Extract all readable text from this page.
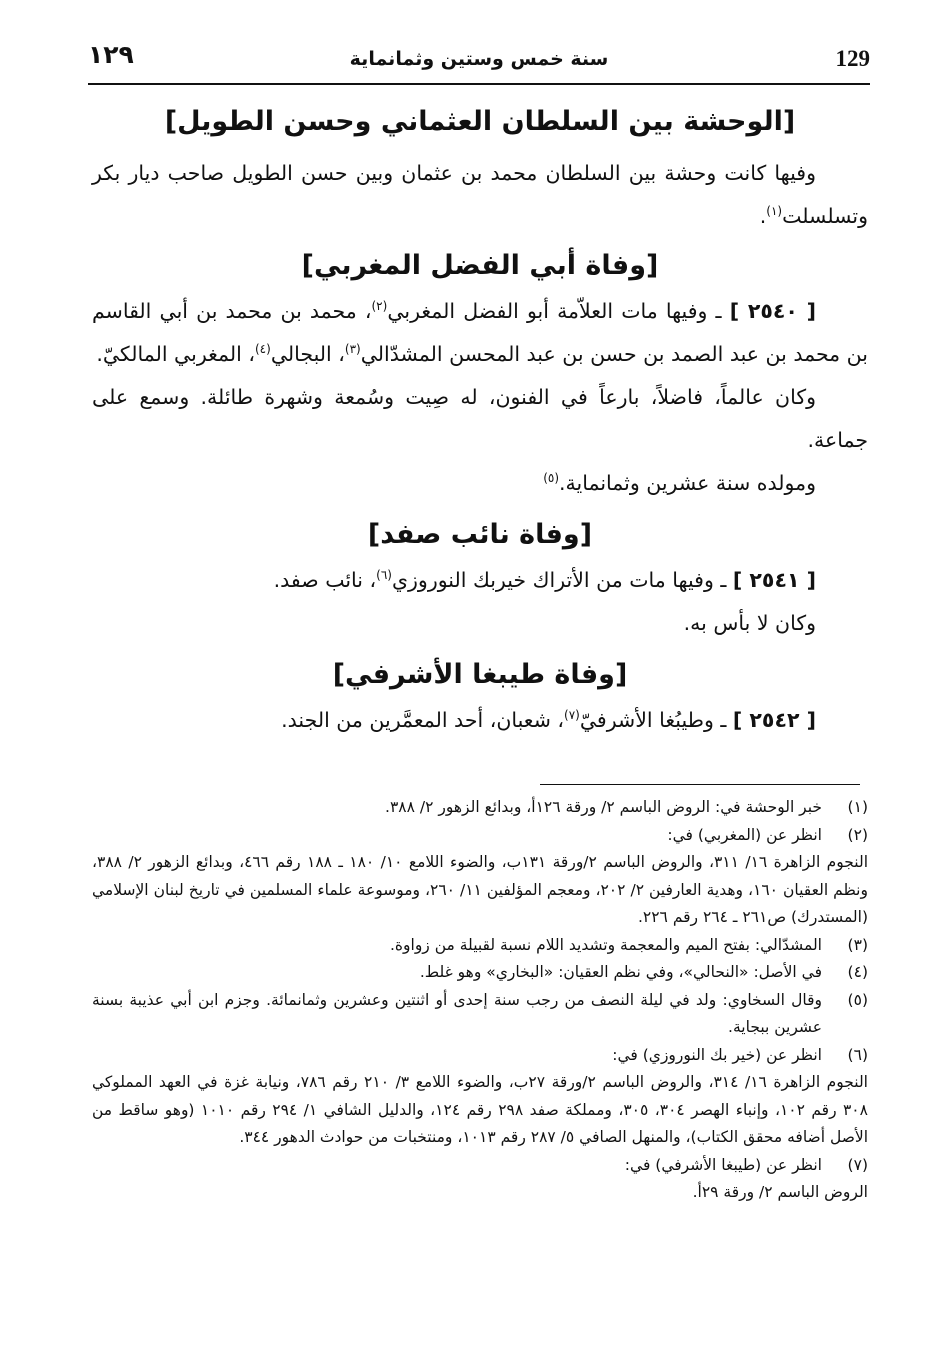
١٢٩	سنة خمس وستين وثمانماية	129
[الوحشة بين السلطان العثماني وحسن الطويل]

وفيها كانت وحشة بين السلطان محمد بن عثمان وبين حسن الطويل صاحب ديار بكر وتسلسلت$^{(١)}$.

[وفاة أبي الفضل المغربي]

[ ٢٥٤٠ ] ـ وفيها مات العلاّمة أبو الفضل المغربي$^{(٢)}$، محمد بن محمد بن أبي القاسم بن محمد بن عبد الصمد بن حسن بن عبد المحسن المشدّالي$^{(٣)}$، البجالي$^{(٤)}$، المغربي المالكيّ.

وكان عالماً، فاضلاً، بارعاً في الفنون، له صِيت وسُمعة وشهرة طائلة. وسمع على جماعة.

ومولده سنة عشرين وثمانماية.$^{(٥)}$

[وفاة نائب صفد]

[ ٢٥٤١ ] ـ وفيها مات من الأتراك خيربك النوروزي$^{(٦)}$، نائب صفد.

وكان لا بأس به.

[وفاة طيبغا الأشرفي]

[ ٢٥٤٢ ] ـ وطيبُغا الأشرفيّ$^{(٧)}$، شعبان، أحد المعمَّرين من الجند.

(١)

خبر الوحشة في: الروض الباسم ٢/ ورقة ١٢٦أ، وبدائع الزهور ٢/ ٣٨٨.

(٢)

انظر عن (المغربي) في:

النجوم الزاهرة ١٦/ ٣١١، والروض الباسم ٢/ورقة ١٣١ب، والضوء اللامع ١٠/ ١٨٠ ـ ١٨٨ رقم ٤٦٦، وبدائع الزهور ٢/ ٣٨٨، ونظم العقيان ١٦٠، وهدية العارفين ٢/ ٢٠٢، ومعجم المؤلفين ١١/ ٢٦٠، وموسوعة علماء المسلمين في تاريخ لبنان الإسلامي (المستدرك) ص٢٦١ ـ ٢٦٤ رقم ٢٢٦.

(٣)

المشدّالي: بفتح الميم والمعجمة وتشديد اللام نسبة لقبيلة من زواوة.

(٤)

في الأصل: «النحالي»، وفي نظم العقيان: «البخاري» وهو غلط.

(٥)

وقال السخاوي: ولد في ليلة النصف من رجب سنة إحدى أو اثنتين وعشرين وثمانمائة. وجزم ابن أبي عذيبة بسنة عشرين ببجاية.

(٦)

انظر عن (خير بك النوروزي) في:

النجوم الزاهرة ١٦/ ٣١٤، والروض الباسم ٢/ورقة ٢٧ب، والضوء اللامع ٣/ ٢١٠ رقم ٧٨٦، ونيابة غزة في العهد المملوكي ٣٠٨ رقم ١٠٢، وإنباء الهصر ٣٠٤، ٣٠٥، ومملكة صفد ٢٩٨ رقم ١٢٤، والدليل الشافي ١/ ٢٩٤ رقم ١٠١٠ (وهو ساقط من الأصل أضافه محقق الكتاب)، والمنهل الصافي ٥/ ٢٨٧ رقم ١٠١٣، ومنتخبات من حوادث الدهور ٣٤٤.

(٧)

انظر عن (طيبغا الأشرفي) في:

الروض الباسم ٢/ ورقة ٢٩أ.
